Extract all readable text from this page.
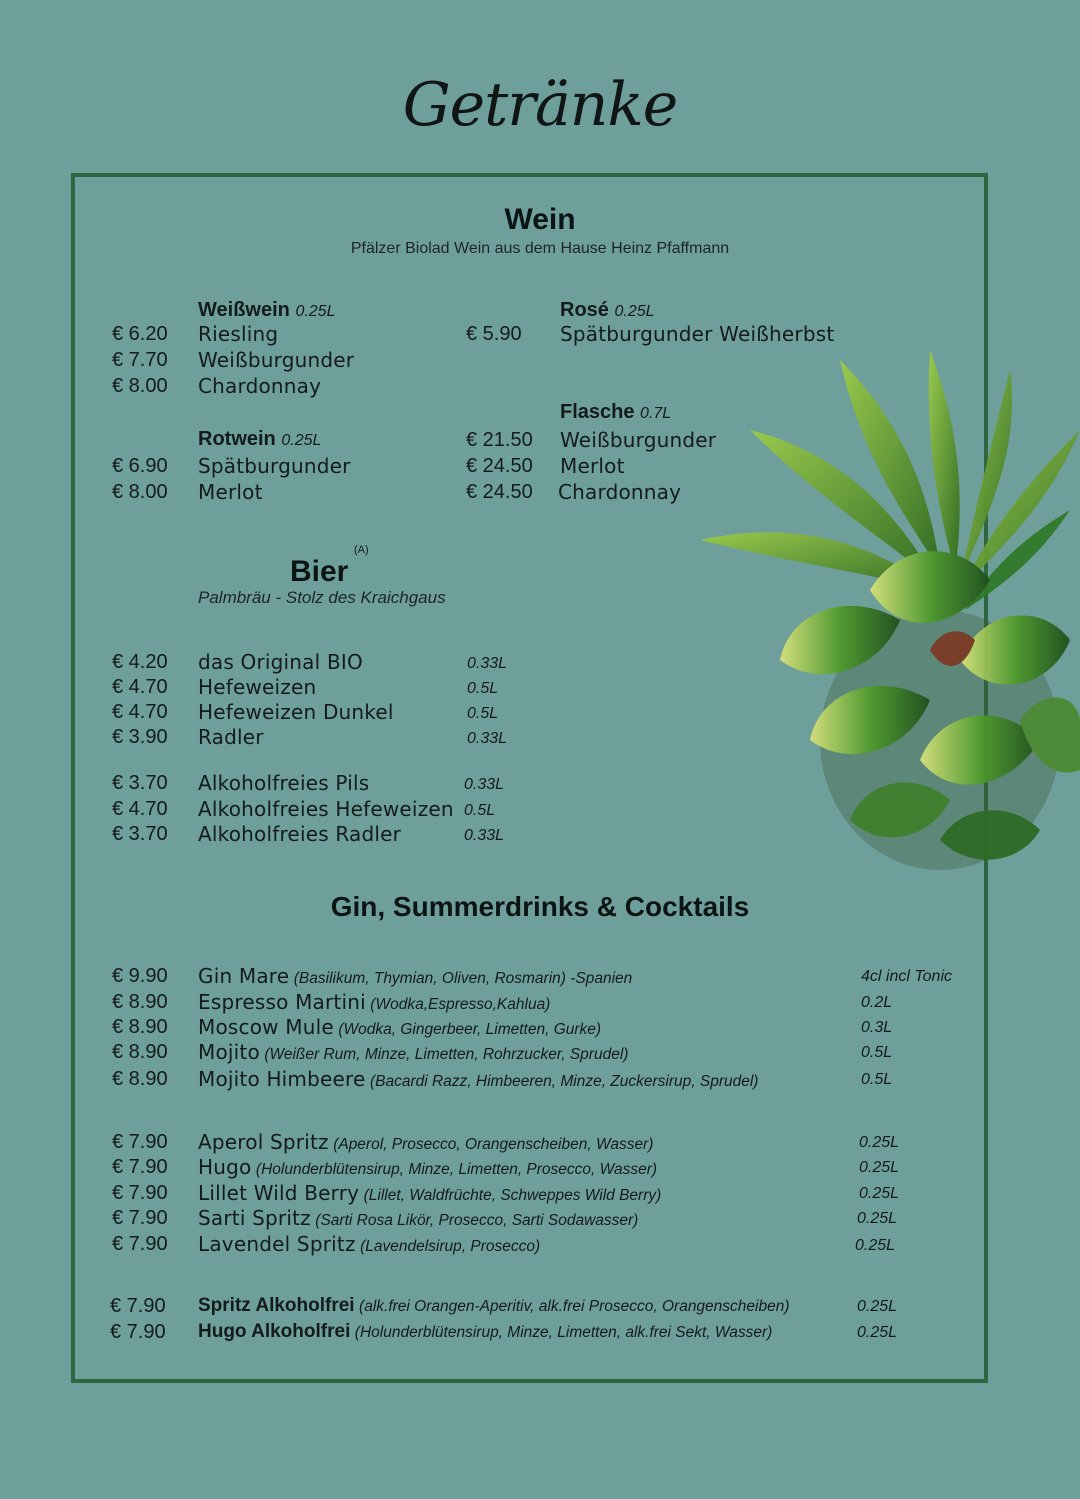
Getränke
Wein
Pfälzer Biolad Wein aus dem Hause Heinz Pfaffmann
Weißwein 0.25L
€ 6.20 Riesling
€ 7.70 Weißburgunder
€ 8.00 Chardonnay
Rotwein 0.25L
€ 6.90 Spätburgunder
€ 8.00 Merlot
Rosé 0.25L
€ 5.90 Spätburgunder Weißherbst
Flasche 0.7L
€ 21.50 Weißburgunder
€ 24.50 Merlot
€ 24.50 Chardonnay
Bier
(A)
Palmbräu - Stolz des Kraichgaus
€ 4.20 das Original BIO	0.33L
€ 4.70 Hefeweizen	0.5L
€ 4.70 Hefeweizen Dunkel	0.5L
€ 3.90 Radler	0.33L
€ 3.70 Alkoholfreies Pils	0.33L
€ 4.70 Alkoholfreies Hefeweizen 0.5L
€ 3.70 Alkoholfreies Radler	0.33L
Gin, Summerdrinks & Cocktails
€ 9.90 Gin Mare (Basilikum, Thymian, Oliven, Rosmarin) -Spanien	4cl incl Tonic
€ 8.90 Espresso Martini (Wodka,Espresso,Kahlua)	0.2L
€ 8.90 Moscow Mule (Wodka, Gingerbeer, Limetten, Gurke)	0.3L
€ 8.90 Mojito (Weißer Rum, Minze, Limetten, Rohrzucker, Sprudel)	0.5L
€ 8.90 Mojito Himbeere (Bacardi Razz, Himbeeren, Minze, Zuckersirup, Sprudel)	0.5L
€ 7.90 Aperol Spritz (Aperol, Prosecco, Orangenscheiben, Wasser)	0.25L
€ 7.90 Hugo (Holunderblütensirup, Minze, Limetten, Prosecco, Wasser)	0.25L
€ 7.90 Lillet Wild Berry (Lillet, Waldfrüchte, Schweppes Wild Berry)	0.25L
€ 7.90 Sarti Spritz (Sarti Rosa Likör, Prosecco, Sarti Sodawasser)	0.25L
€ 7.90 Lavendel Spritz (Lavendelsirup, Prosecco)	0.25L
€ 7.90 Spritz Alkoholfrei (alk.frei Orangen-Aperitiv, alk.frei Prosecco, Orangenscheiben)	0.25L
€ 7.90 Hugo Alkoholfrei (Holunderblütensirup, Minze, Limetten, alk.frei Sekt, Wasser)	0.25L
